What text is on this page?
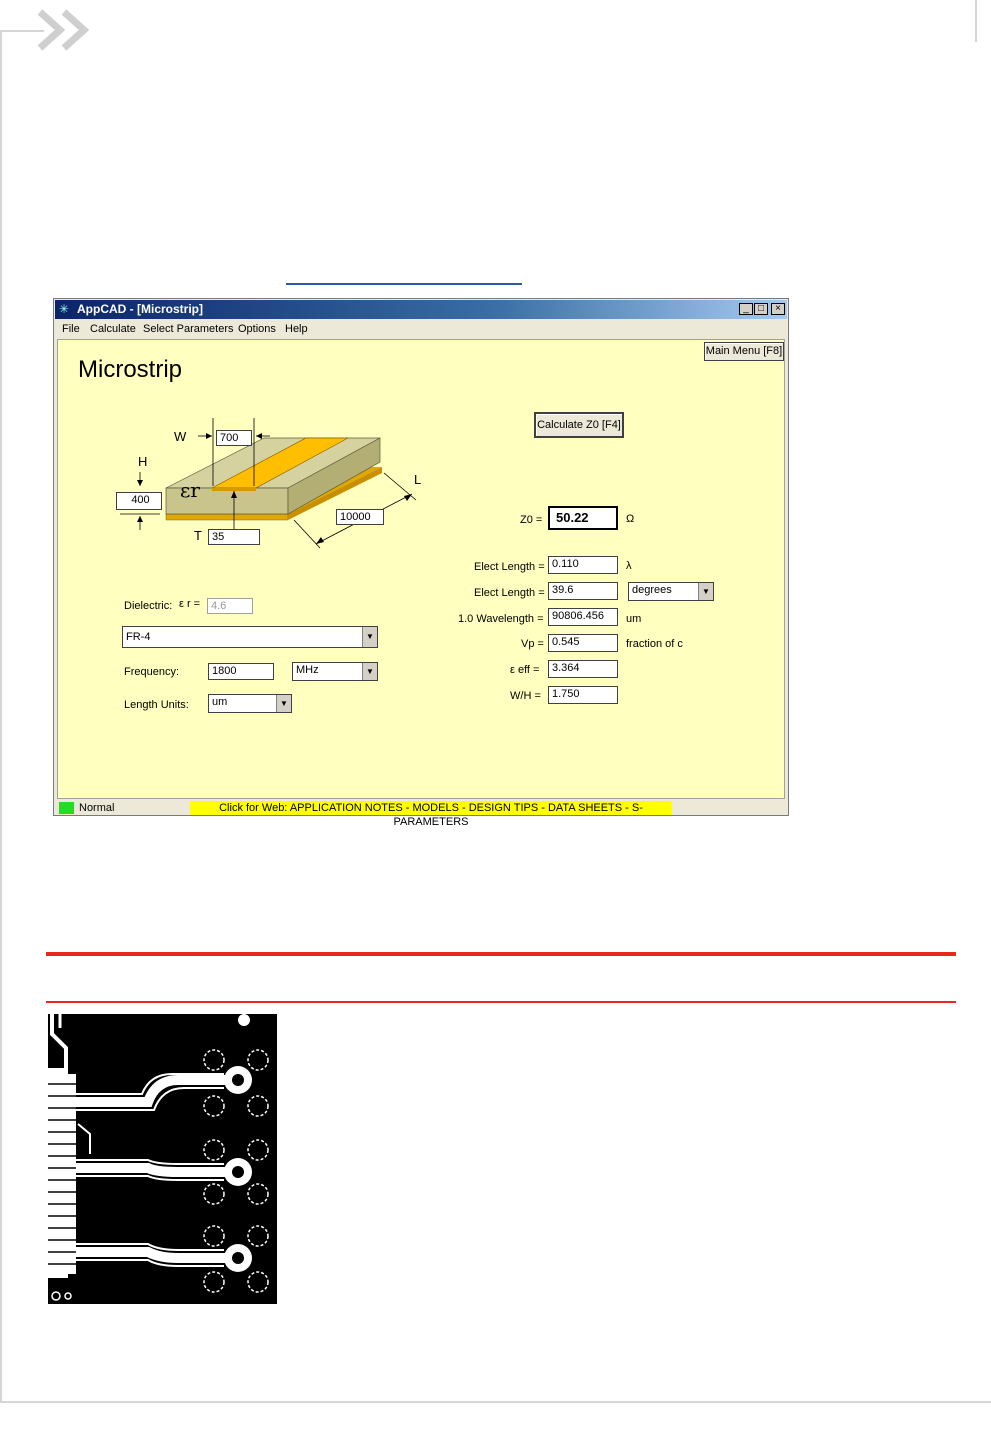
✳ AppCAD - [Microstrip]	_ □	×
File Calculate Select Parameters Options Help
Main Menu [F8]
Microstrip
W	700
H
400	εr
T 35
L
10000
Dielectric: ε r = 4.6
FR-4	▼
Frequency:	1800	MHz	▼
Length Units:	um	▼
Calculate Z0 [F4]
Z0 =	50.22	Ω
Elect Length = 0.110	λ
Elect Length = 39.6	degrees	▼
1.0 Wavelength = 90806.456	um
Vp = 0.545	fraction of c
ε eff =	3.364
W/H =	1.750
Normal	Click for Web: APPLICATION NOTES - MODELS - DESIGN TIPS - DATA SHEETS - S-PARAMETERS
